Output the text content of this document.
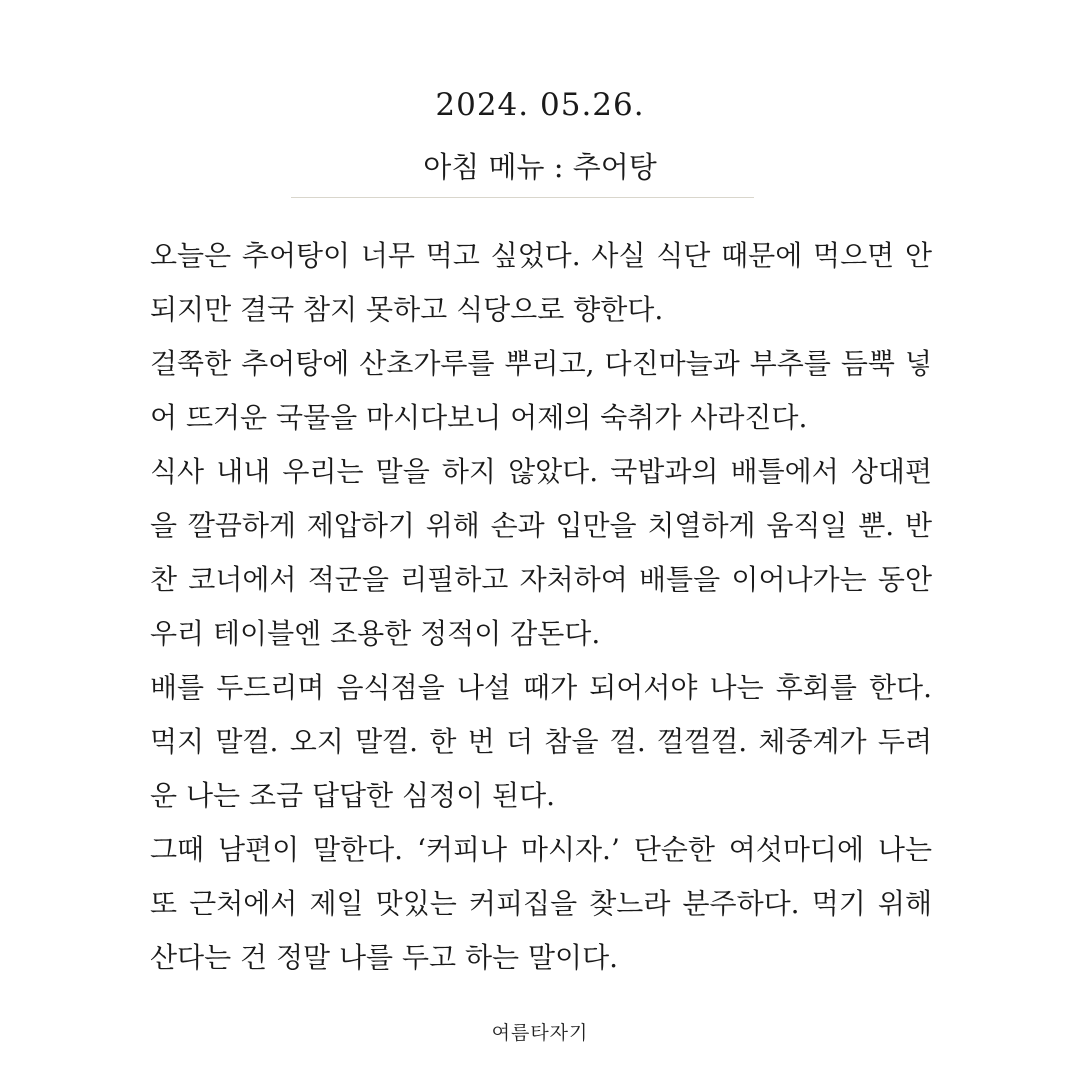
2024. 05.26.

아침 메뉴 : 추어탕

오늘은 추어탕이 너무 먹고 싶었다. 사실 식단 때문에 먹으면 안되지만 결국 참지 못하고 식당으로 향한다.

걸쭉한 추어탕에 산초가루를 뿌리고, 다진마늘과 부추를 듬뿍 넣어 뜨거운 국물을 마시다보니 어제의 숙취가 사라진다.

식사 내내 우리는 말을 하지 않았다. 국밥과의 배틀에서 상대편을 깔끔하게 제압하기 위해 손과 입만을 치열하게 움직일 뿐. 반찬 코너에서 적군을 리필하고 자처하여 배틀을 이어나가는 동안 우리 테이블엔 조용한 정적이 감돈다.

배를 두드리며 음식점을 나설 때가 되어서야 나는 후회를 한다. 먹지 말껄. 오지 말껄. 한 번 더 참을 껄. 껄껄껄. 체중계가 두려운 나는 조금 답답한 심정이 된다.

그때 남편이 말한다. ‘커피나 마시자.’ 단순한 여섯마디에 나는 또 근처에서 제일 맛있는 커피집을 찾느라 분주하다. 먹기 위해 산다는 건 정말 나를 두고 하는 말이다.

여름타자기
